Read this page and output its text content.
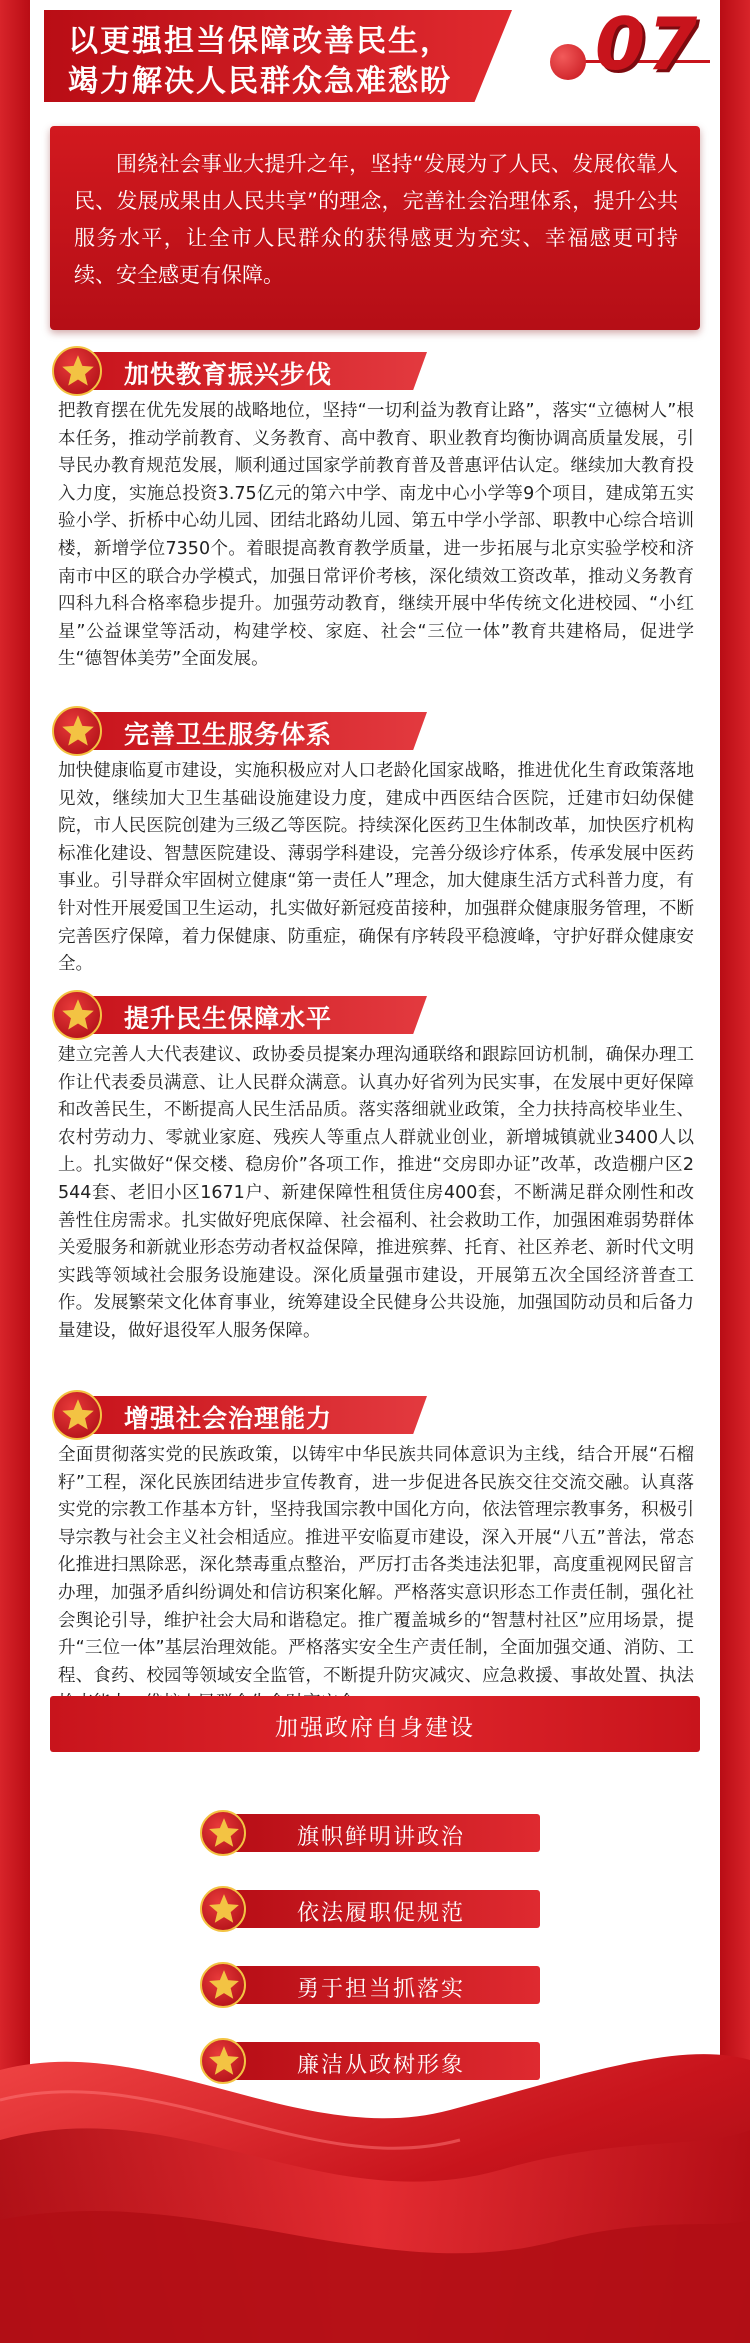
以更强担当保障改善民生，
竭力解决人民群众急难愁盼 07
围绕社会事业大提升之年，坚持“发展为了人民、发展依靠人民、发展成果由人民共享”的理念，完善社会治理体系，提升公共服务水平，让全市人民群众的获得感更为充实、幸福感更可持续、安全感更有保障。
加快教育振兴步伐
把教育摆在优先发展的战略地位，坚持“一切利益为教育让路”，落实“立德树人”根本任务，推动学前教育、义务教育、高中教育、职业教育均衡协调高质量发展，引导民办教育规范发展，顺利通过国家学前教育普及普惠评估认定。继续加大教育投入力度，实施总投资3.75亿元的第六中学、南龙中心小学等9个项目，建成第五实验小学、折桥中心幼儿园、团结北路幼儿园、第五中学小学部、职教中心综合培训楼，新增学位7350个。着眼提高教育教学质量，进一步拓展与北京实验学校和济南市中区的联合办学模式，加强日常评价考核，深化绩效工资改革，推动义务教育四科九科合格率稳步提升。加强劳动教育，继续开展中华传统文化进校园、“小红星”公益课堂等活动，构建学校、家庭、社会“三位一体”教育共建格局，促进学生“德智体美劳”全面发展。
完善卫生服务体系
加快健康临夏市建设，实施积极应对人口老龄化国家战略，推进优化生育政策落地见效，继续加大卫生基础设施建设力度，建成中西医结合医院，迁建市妇幼保健院，市人民医院创建为三级乙等医院。持续深化医药卫生体制改革，加快医疗机构标准化建设、智慧医院建设、薄弱学科建设，完善分级诊疗体系，传承发展中医药事业。引导群众牢固树立健康“第一责任人”理念，加大健康生活方式科普力度，有针对性开展爱国卫生运动，扎实做好新冠疫苗接种，加强群众健康服务管理，不断完善医疗保障，着力保健康、防重症，确保有序转段平稳渡峰，守护好群众健康安全。
提升民生保障水平
建立完善人大代表建议、政协委员提案办理沟通联络和跟踪回访机制，确保办理工作让代表委员满意、让人民群众满意。认真办好省列为民实事，在发展中更好保障和改善民生，不断提高人民生活品质。落实落细就业政策，全力扶持高校毕业生、农村劳动力、零就业家庭、残疾人等重点人群就业创业，新增城镇就业3400人以上。扎实做好“保交楼、稳房价”各项工作，推进“交房即办证”改革，改造棚户区2544套、老旧小区1671户、新建保障性租赁住房400套，不断满足群众刚性和改善性住房需求。扎实做好兜底保障、社会福利、社会救助工作，加强困难弱势群体关爱服务和新就业形态劳动者权益保障，推进殡葬、托育、社区养老、新时代文明实践等领域社会服务设施建设。深化质量强市建设，开展第五次全国经济普查工作。发展繁荣文化体育事业，统筹建设全民健身公共设施，加强国防动员和后备力量建设，做好退役军人服务保障。
增强社会治理能力
全面贯彻落实党的民族政策，以铸牢中华民族共同体意识为主线，结合开展“石榴籽”工程，深化民族团结进步宣传教育，进一步促进各民族交往交流交融。认真落实党的宗教工作基本方针，坚持我国宗教中国化方向，依法管理宗教事务，积极引导宗教与社会主义社会相适应。推进平安临夏市建设，深入开展“八五”普法，常态化推进扫黑除恶，深化禁毒重点整治，严厉打击各类违法犯罪，高度重视网民留言办理，加强矛盾纠纷调处和信访积案化解。严格落实意识形态工作责任制，强化社会舆论引导，维护社会大局和谐稳定。推广覆盖城乡的“智慧村社区”应用场景，提升“三位一体”基层治理效能。严格落实安全生产责任制，全面加强交通、消防、工程、食药、校园等领域安全监管，不断提升防灾减灾、应急救援、事故处置、执法
加强政府自身建设
旗帜鲜明讲政治
依法履职促规范
勇于担当抓落实
廉洁从政树形象
